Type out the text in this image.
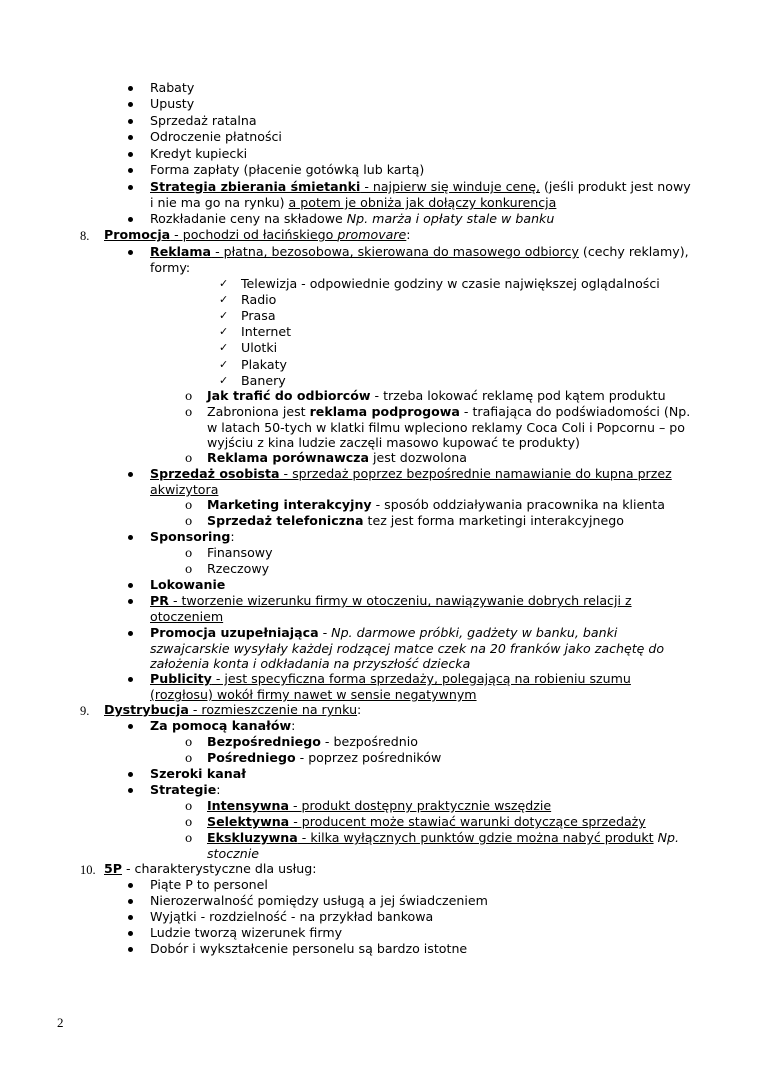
Rabaty
Upusty
Sprzedaż ratalna
Odroczenie płatności
Kredyt kupiecki
Forma zapłaty (płacenie gotówką lub kartą)
Strategia zbierania śmietanki - najpierw się winduje cenę, (jeśli produkt jest nowy
i nie ma go na rynku) a potem je obniża jak dołączy konkurencja
Rozkładanie ceny na składowe Np. marża i opłaty stale w banku
8. Promocja - pochodzi od łacińskiego promovare:
Reklama - płatna, bezosobowa, skierowana do masowego odbiorcy (cechy reklamy),
formy:
✓ Telewizja - odpowiednie godziny w czasie największej oglądalności
✓ Radio
✓ Prasa
✓ Internet
✓ Ulotki
✓ Plakaty
✓ Banery
o Jak trafić do odbiorców - trzeba lokować reklamę pod kątem produktu
o Zabroniona jest reklama podprogowa - trafiająca do podświadomości (Np.
w latach 50-tych w klatki filmu wpleciono reklamy Coca Coli i Popcornu – po
wyjściu z kina ludzie zaczęli masowo kupować te produkty)
o Reklama porównawcza jest dozwolona
Sprzedaż osobista - sprzedaż poprzez bezpośrednie namawianie do kupna przez
akwizytora
o Marketing interakcyjny - sposób oddziaływania pracownika na klienta
o Sprzedaż telefoniczna tez jest forma marketingi interakcyjnego
Sponsoring:
o Finansowy
o Rzeczowy
Lokowanie
PR - tworzenie wizerunku firmy w otoczeniu, nawiązywanie dobrych relacji z
otoczeniem
Promocja uzupełniająca - Np. darmowe próbki, gadżety w banku, banki
szwajcarskie wysyłały każdej rodzącej matce czek na 20 franków jako zachętę do
założenia konta i odkładania na przyszłość dziecka
Publicity - jest specyficzna forma sprzedaży, polegającą na robieniu szumu
(rozgłosu) wokół firmy nawet w sensie negatywnym
9. Dystrybucja - rozmieszczenie na rynku:
Za pomocą kanałów:
o Bezpośredniego - bezpośrednio
o Pośredniego - poprzez pośredników
Szeroki kanał
Strategie:
o Intensywna - produkt dostępny praktycznie wszędzie
o Selektywna - producent może stawiać warunki dotyczące sprzedaży
o Ekskluzywna - kilka wyłącznych punktów gdzie można nabyć produkt Np.
stocznie
10. 5P - charakterystyczne dla usług:
Piąte P to personel
Nierozerwalność pomiędzy usługą a jej świadczeniem
Wyjątki - rozdzielność - na przykład bankowa
Ludzie tworzą wizerunek firmy
Dobór i wykształcenie personelu są bardzo istotne
2
